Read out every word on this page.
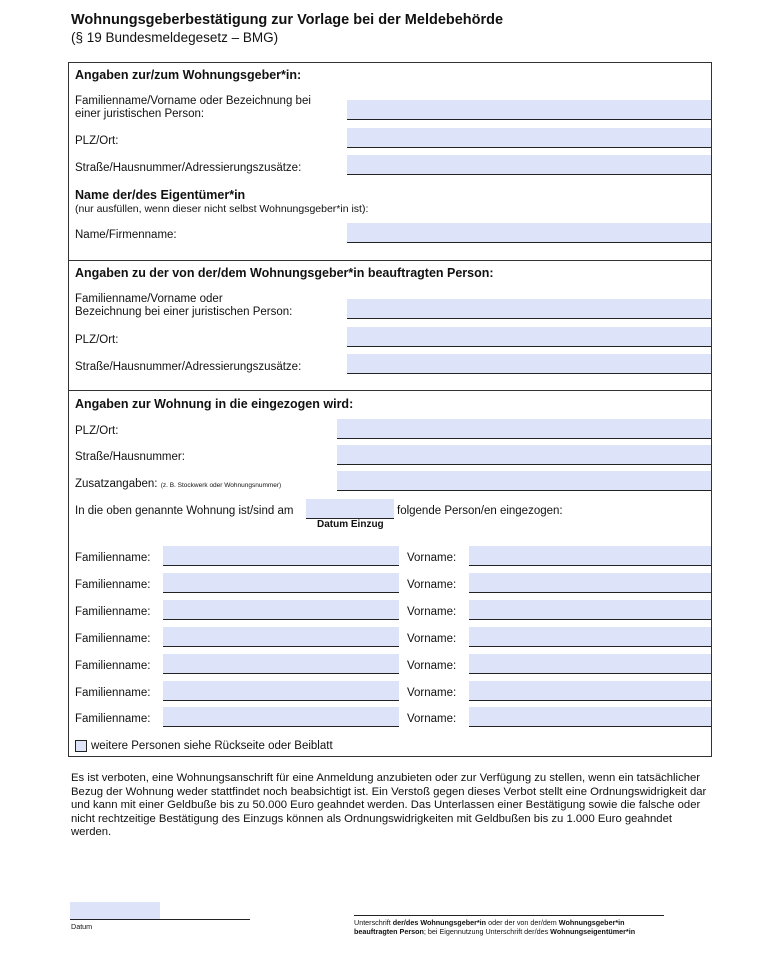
Wohnungsgeberbestätigung zur Vorlage bei der Meldebehörde
(§ 19 Bundesmeldegesetz – BMG)
Angaben zur/zum Wohnungsgeber*in:
Familienname/Vorname oder Bezeichnung bei
einer juristischen Person:
PLZ/Ort:
Straße/Hausnummer/Adressierungszusätze:
Name der/des Eigentümer*in
(nur ausfüllen, wenn dieser nicht selbst Wohnungsgeber*in ist):
Name/Firmenname:
Angaben zu der von der/dem Wohnungsgeber*in beauftragten Person:
Familienname/Vorname oder
Bezeichnung bei einer juristischen Person:
PLZ/Ort:
Straße/Hausnummer/Adressierungszusätze:
Angaben zur Wohnung in die eingezogen wird:
PLZ/Ort:
Straße/Hausnummer:
Zusatzangaben: (z. B. Stockwerk oder Wohnungsnummer)
In die oben genannte Wohnung ist/sind am	folgende Person/en eingezogen:
Datum Einzug
Familienname:	Vorname:
Familienname:	Vorname:
Familienname:	Vorname:
Familienname:	Vorname:
Familienname:	Vorname:
Familienname:	Vorname:
Familienname:	Vorname:
weitere Personen siehe Rückseite oder Beiblatt
Es ist verboten, eine Wohnungsanschrift für eine Anmeldung anzubieten oder zur Verfügung zu stellen, wenn ein tatsächlicher Bezug der Wohnung weder stattfindet noch beabsichtigt ist. Ein Verstoß gegen dieses Verbot stellt eine Ordnungswidrigkeit dar und kann mit einer Geldbuße bis zu 50.000 Euro geahndet werden. Das Unterlassen einer Bestätigung sowie die falsche oder nicht rechtzeitige Bestätigung des Einzugs können als Ordnungswidrigkeiten mit Geldbußen bis zu 1.000 Euro geahndet werden.
Datum	Unterschrift der/des Wohnungsgeber*in oder der von der/dem Wohnungsgeber*in
beauftragten Person; bei Eigennutzung Unterschrift der/des Wohnungseigentümer*in
